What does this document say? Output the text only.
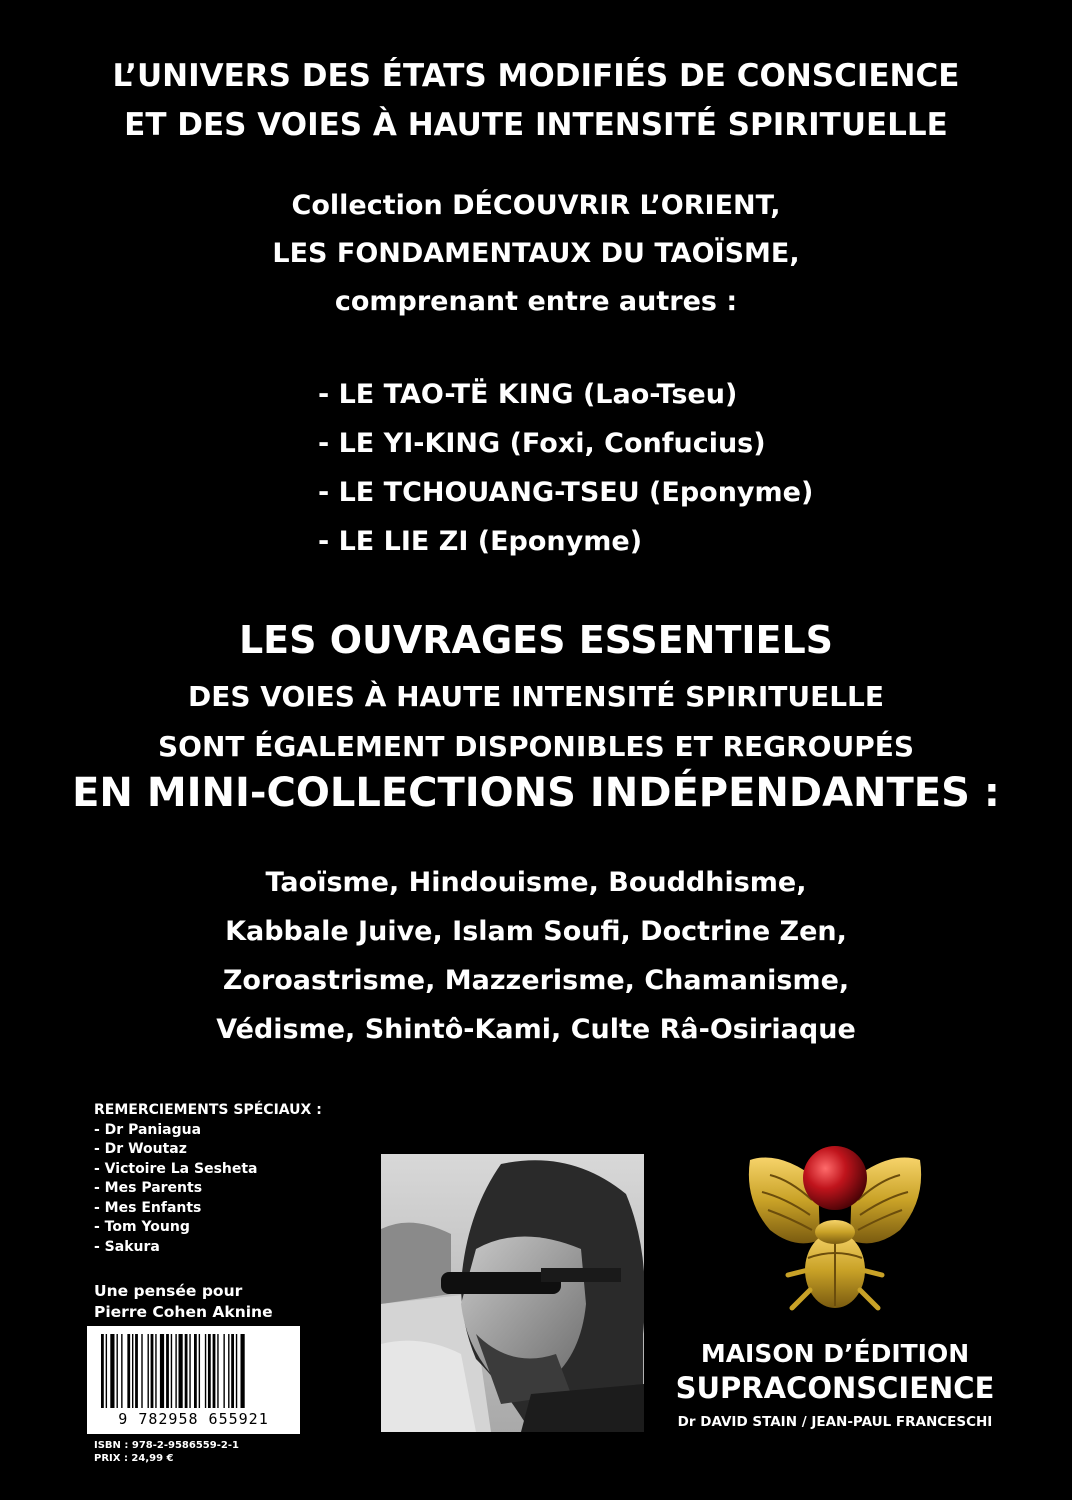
L’UNIVERS DES ÉTATS MODIFIÉS DE CONSCIENCE
ET DES VOIES À HAUTE INTENSITÉ SPIRITUELLE
Collection DÉCOUVRIR L’ORIENT,
LES FONDAMENTAUX DU TAOÏSME,
comprenant entre autres :
- LE TAO-TË KING (Lao-Tseu)
- LE YI-KING (Foxi, Confucius)
- LE TCHOUANG-TSEU (Eponyme)
- LE LIE ZI (Eponyme)
LES OUVRAGES ESSENTIELS
DES VOIES À HAUTE INTENSITÉ SPIRITUELLE
SONT ÉGALEMENT DISPONIBLES ET REGROUPÉS
EN MINI-COLLECTIONS INDÉPENDANTES :
Taoïsme, Hindouisme, Bouddhisme,
Kabbale Juive, Islam Soufi, Doctrine Zen,
Zoroastrisme, Mazzerisme, Chamanisme,
Védisme, Shintô-Kami, Culte Râ-Osiriaque
REMERCIEMENTS SPÉCIAUX :
- Dr Paniagua
- Dr Woutaz
- Victoire La Sesheta
- Mes Parents
- Mes Enfants
- Tom Young
- Sakura
Une pensée pour
Pierre Cohen Aknine
9 782958 655921
ISBN : 978-2-9586559-2-1
PRIX : 24,99 €
MAISON D’ÉDITION
SUPRACONSCIENCE
Dr DAVID STAIN / JEAN-PAUL FRANCESCHI
